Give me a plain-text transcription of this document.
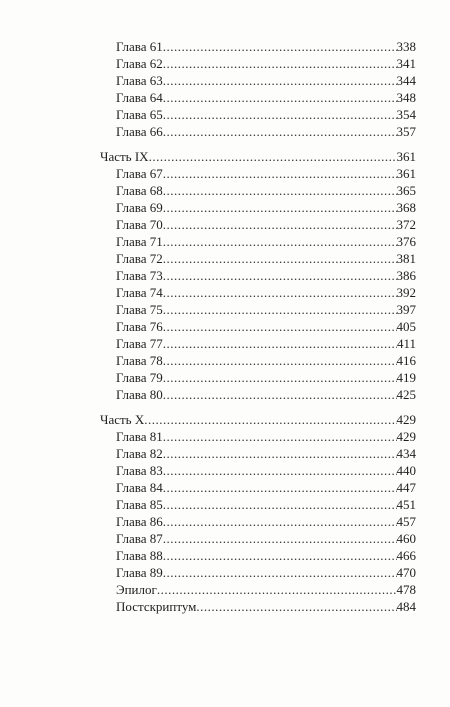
Глава 61 .....	338
Глава 62 .....	341
Глава 63 .....	344
Глава 64 .....	348
Глава 65 .....	354
Глава 66 .....	357
Часть IX .....	361
Глава 67 .....	361
Глава 68 .....	365
Глава 69 .....	368
Глава 70 .....	372
Глава 71 .....	376
Глава 72 .....	381
Глава 73 .....	386
Глава 74 .....	392
Глава 75 .....	397
Глава 76 .....	405
Глава 77 .....	411
Глава 78 .....	416
Глава 79 .....	419
Глава 80 .....	425
Часть X .....	429
Глава 81 .....	429
Глава 82 .....	434
Глава 83 .....	440
Глава 84 .....	447
Глава 85 .....	451
Глава 86 .....	457
Глава 87 .....	460
Глава 88 .....	466
Глава 89 .....	470
Эпилог .....	478
Постскриптум .....	484
